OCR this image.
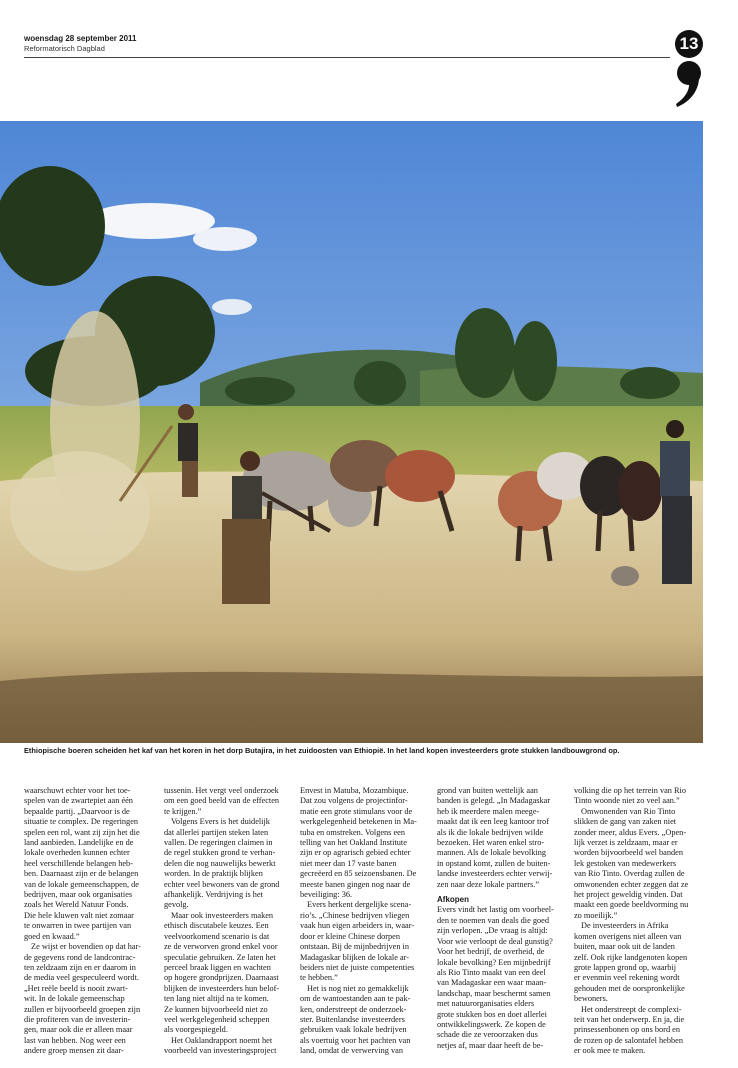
woensdag 28 september 2011
Reformatorisch Dagblad	13
Ethiopische boeren scheiden het kaf van het koren in het dorp Butajira, in het zuidoosten van Ethiopië. In het land kopen investeerders grote stukken landbouwgrond op.

waarschuwt echter voor het toe-

spelen van de zwartepiet aan één

bepaalde partij. „Daarvoor is de

situatie te complex. De regeringen

spelen een rol, want zij zijn het die

land aanbieden. Landelijke en de

lokale overheden kunnen echter

heel verschillende belangen heb-

ben. Daarnaast zijn er de belangen

van de lokale gemeenschappen, de

bedrijven, maar ook organisaties

zoals het Wereld Natuur Fonds.

Die hele kluwen valt niet zomaar

te onwarren in twee partijen van

goed en kwaad.”

Ze wijst er bovendien op dat har-

de gegevens rond de landcontrac-

ten zeldzaam zijn en er daarom in

de media veel gespeculeerd wordt.

„Het reële beeld is nooit zwart-

wit. In de lokale gemeenschap

zullen er bijvoorbeeld groepen zijn

die profiteren van de investerin-

gen, maar ook die er alleen maar

last van hebben. Nog weer een

andere groep mensen zit daar-

tussenin. Het vergt veel onderzoek

om een goed beeld van de effecten

te krijgen.”

Volgens Evers is het duidelijk

dat allerlei partijen steken laten

vallen. De regeringen claimen in

de regel stukken grond te verhan-

delen die nog nauwelijks bewerkt

worden. In de praktijk blijken

echter veel bewoners van de grond

afhankelijk. Verdrijving is het

gevolg.

Maar ook investeerders maken

ethisch discutabele keuzes. Een

veelvoorkomend scenario is dat

ze de verworven grond enkel voor

speculatie gebruiken. Ze laten het

perceel braak liggen en wachten

op hogere grondprijzen. Daarnaast

blijken de investeerders hun belof-

ten lang niet altijd na te komen.

Ze kunnen bijvoorbeeld niet zo

veel werkgelegenheid scheppen

als voorgespiegeld.

Het Oaklandrapport noemt het

voorbeeld van investeringsproject

Envest in Matuba, Mozambique.

Dat zou volgens de projectinfor-

matie een grote stimulans voor de

werkgelegenheid betekenen in Ma-

tuba en omstreken. Volgens een

telling van het Oakland Institute

zijn er op agrarisch gebied echter

niet meer dan 17 vaste banen

gecreëerd en 85 seizoensbanen. De

meeste banen gingen nog naar de

beveiliging: 36.

Evers herkent dergelijke scena-

rio’s. „Chinese bedrijven vliegen

vaak hun eigen arbeiders in, waar-

door er kleine Chinese dorpen

ontstaan. Bij de mijnbedrijven in

Madagaskar blijken de lokale ar-

beiders niet de juiste competenties

te hebben.”

Het is nog niet zo gemakkelijk

om de wantoestanden aan te pak-

ken, onderstreept de onderzoek-

ster. Buitenlandse investeerders

gebruiken vaak lokale bedrijven

als voertuig voor het pachten van

land, omdat de verwerving van

grond van buiten wettelijk aan

banden is gelegd. „In Madagaskar

heb ik meerdere malen meege-

maakt dat ik een leeg kantoor trof

als ik die lokale bedrijven wilde

bezoeken. Het waren enkel stro-

mannen. Als de lokale bevolking

in opstand komt, zullen de buiten-

landse investeerders echter verwij-

zen naar deze lokale partners.”

Afkopen

Evers vindt het lastig om voorbeel-

den te noemen van deals die goed

zijn verlopen. „De vraag is altijd:

Voor wie verloopt de deal gunstig?

Voor het bedrijf, de overheid, de

lokale bevolking? Een mijnbedrijf

als Rio Tinto maakt van een deel

van Madagaskar een waar maan-

landschap, maar beschermt samen

met natuurorganisaties elders

grote stukken bos en doet allerlei

ontwikkelingswerk. Ze kopen de

schade die ze veroorzaken dus

netjes af, maar daar heeft de be-

volking die op het terrein van Rio

Tinto woonde niet zo veel aan.”

Omwonenden van Rio Tinto

slikken de gang van zaken niet

zonder meer, aldus Evers. „Open-

lijk verzet is zeldzaam, maar er

worden bijvoorbeeld wel banden

lek gestoken van medewerkers

van Rio Tinto. Overdag zullen de

omwonenden echter zeggen dat ze

het project geweldig vinden. Dat

maakt een goede beeldvorming nu

zo moeilijk.”

De investeerders in Afrika

komen overigens niet alleen van

buiten, maar ook uit de landen

zelf. Ook rijke landgenoten kopen

grote lappen grond op, waarbij

er evenmin veel rekening wordt

gehouden met de oorspronkelijke

bewoners.

Het onderstreept de complexi-

teit van het onderwerp. En ja, die

prinsessenbonen op ons bord en

de rozen op de salontafel hebben

er ook mee te maken.
